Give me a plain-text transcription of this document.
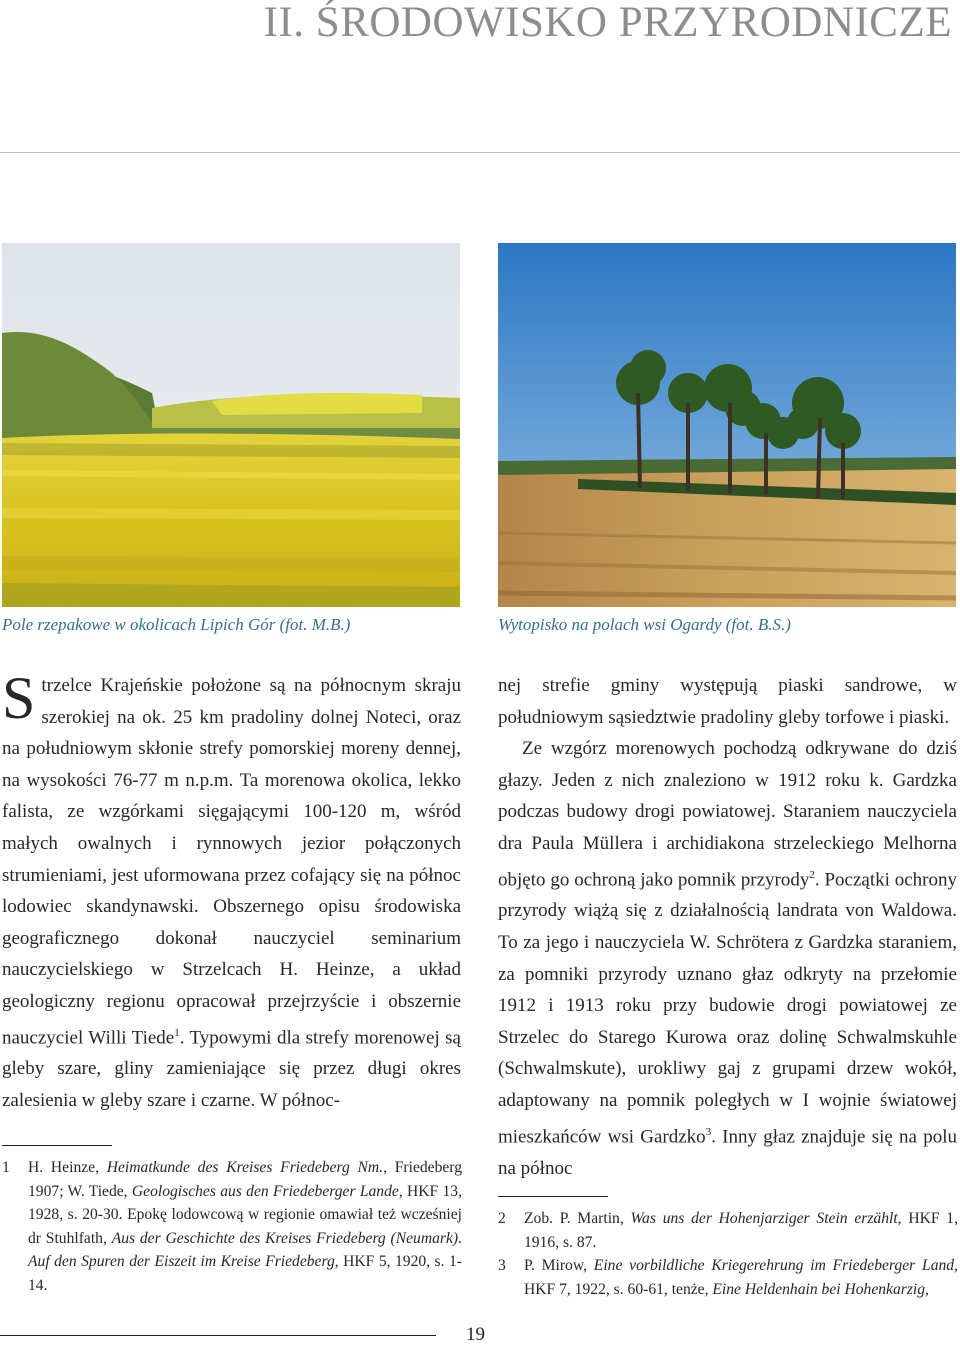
II. ŚRODOWISKO PRZYRODNICZE
Pole rzepakowe w okolicach Lipich Gór (fot. M.B.)	Wytopisko na polach wsi Ogardy (fot. B.S.)

Strzelce Krajeńskie położone są na północnym skraju szerokiej na ok. 25 km pradoliny dolnej Noteci, oraz na południowym skłonie strefy pomorskiej moreny dennej, na wysokości 76-77 m n.p.m. Ta morenowa okolica, lekko falista, ze wzgórkami sięgającymi 100-120 m, wśród małych owalnych i rynnowych jezior połączonych strumieniami, jest uformowana przez cofający się na północ lodowiec skandynawski. Obszernego opisu środowiska geograficznego dokonał nauczyciel seminarium nauczycielskiego w Strzelcach H. Heinze, a układ geologiczny regionu opracował przejrzyście i obszernie nauczyciel Willi Tiede$^1$. Typowymi dla strefy morenowej są gleby szare, gliny zamieniające się przez długi okres zalesienia w gleby szare i czarne. W północ-

nej strefie gminy występują piaski sandrowe, w południowym sąsiedztwie pradoliny gleby torfowe i piaski.

Ze wzgórz morenowych pochodzą odkrywane do dziś głazy. Jeden z nich znaleziono w 1912 roku k. Gardzka podczas budowy drogi powiatowej. Staraniem nauczyciela dra Paula Müllera i archidiakona strzeleckiego Melhorna objęto go ochroną jako pomnik przyrody$^2$. Początki ochrony przyrody wiążą się z działalnością landrata von Waldowa. To za jego i nauczyciela W. Schrötera z Gardzka staraniem, za pomniki przyrody uznano głaz odkryty na przełomie 1912 i 1913 roku przy budowie drogi powiatowej ze Strzelec do Starego Kurowa oraz dolinę Schwalmskuhle (Schwalmskute), urokliwy gaj z grupami drzew wokół, adaptowany na pomnik poległych w I wojnie światowej mieszkańców wsi Gardzko$^3$. Inny głaz znajduje się na polu na północ

1 H. Heinze, Heimatkunde des Kreises Friedeberg Nm., Friedeberg 1907; W. Tiede, Geologisches aus den Friedeberger Lande, HKF 13, 1928, s. 20-30. Epokę lodowcową w regionie omawiał też wcześniej dr Stuhlfath, Aus der Geschichte des Kreises Friedeberg (Neumark). Auf den Spuren der Eiszeit im Kreise Friedeberg, HKF 5, 1920, s. 1-14.
2 Zob. P. Martin, Was uns der Hohenjarziger Stein erzählt, HKF 1, 1916, s. 87.
3 P. Mirow, Eine vorbildliche Kriegerehrung im Friedeberger Land, HKF 7, 1922, s. 60-61, tenże, Eine Heldenhain bei Hohenkarzig,
19
